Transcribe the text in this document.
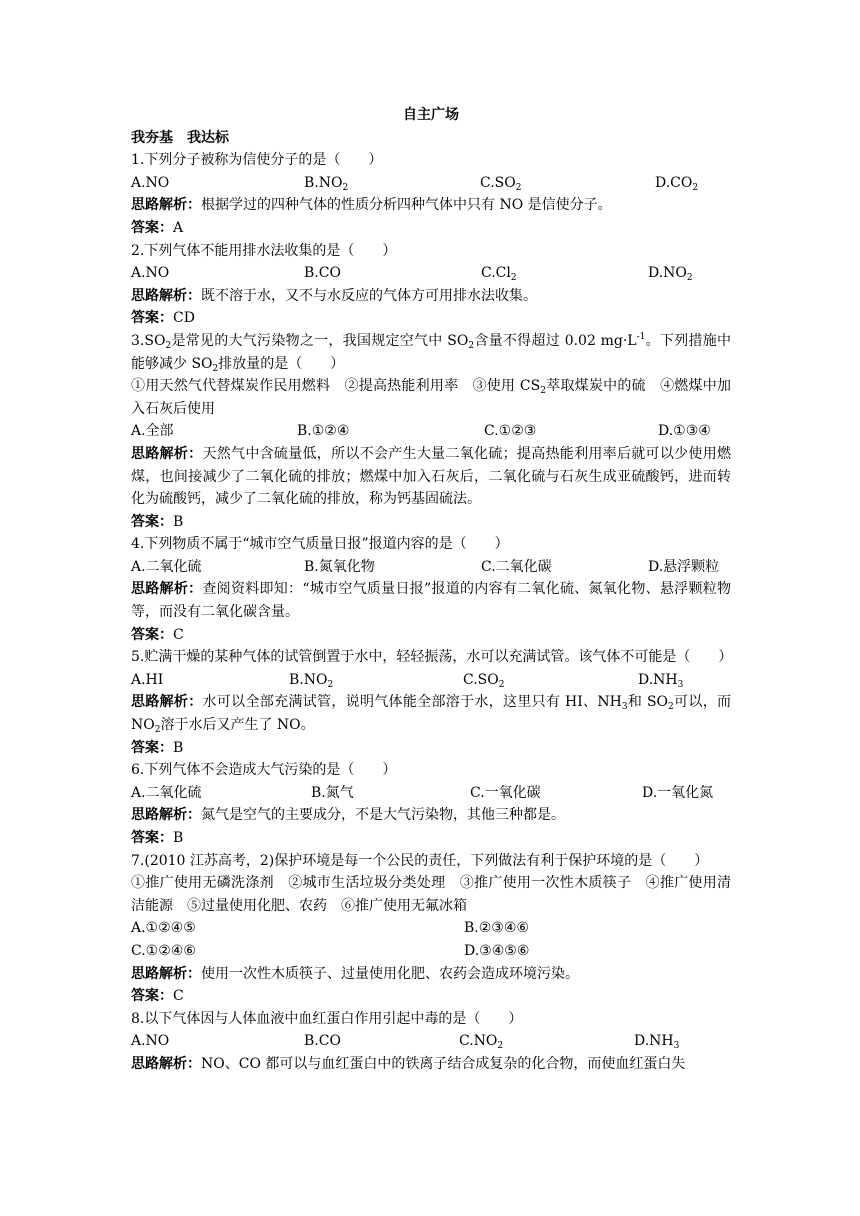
自主广场
我夯基　我达标
1.下列分子被称为信使分子的是（　　）
A.NO	$B.NO_2$	$C.SO_2$	$D.CO_2$
思路解析：根据学过的四种气体的性质分析四种气体中只有 NO 是信使分子。
答案：A
2.下列气体不能用排水法收集的是（　　）
A.NO	B.CO	$C.Cl_2$	$D.NO_2$
思路解析：既不溶于水，又不与水反应的气体方可用排水法收集。
答案：CD
$3.SO_2$是常见的大气污染物之一，我国规定空气中 $SO_2$含量不得超过 0.02 $mg\cdot L^{-1}$。下列措施中能够减少 $SO_2$排放量的是（　　）
①用天然气代替煤炭作民用燃料　②提高热能利用率　③使用 $CS_2$萃取煤炭中的硫　④燃煤中加入石灰后使用
A.全部	B.①②④	C.①②③	D.①③④
思路解析：天然气中含硫量低，所以不会产生大量二氧化硫；提高热能利用率后就可以少使用燃煤，也间接减少了二氧化硫的排放；燃煤中加入石灰后，二氧化硫与石灰生成亚硫酸钙，进而转化为硫酸钙，减少了二氧化硫的排放，称为钙基固硫法。
答案：B
4.下列物质不属于“城市空气质量日报”报道内容的是（　　）
A.二氧化硫	B.氮氧化物	C.二氧化碳	D.悬浮颗粒
思路解析：查阅资料即知：“城市空气质量日报”报道的内容有二氧化硫、氮氧化物、悬浮颗粒物等，而没有二氧化碳含量。
答案：C
5.贮满干燥的某种气体的试管倒置于水中，轻轻振荡，水可以充满试管。该气体不可能是（　　）
A.HI	$B.NO_2$	$C.SO_2$	$D.NH_3$
思路解析：水可以全部充满试管，说明气体能全部溶于水，这里只有 HI、$NH_3$和 $SO_2$可以，而 $NO_2$溶于水后又产生了 NO。
答案：B
6.下列气体不会造成大气污染的是（　　）
A.二氧化硫	B.氮气	C.一氧化碳	D.一氧化氮
思路解析：氮气是空气的主要成分，不是大气污染物，其他三种都是。
答案：B
7.(2010 江苏高考，2)保护环境是每一个公民的责任，下列做法有利于保护环境的是（　　）
①推广使用无磷洗涤剂　②城市生活垃圾分类处理　③推广使用一次性木质筷子　④推广使用清洁能源　⑤过量使用化肥、农药　⑥推广使用无氟冰箱
A.①②④⑤	B.②③④⑥
C.①②④⑥	D.③④⑤⑥
思路解析：使用一次性木质筷子、过量使用化肥、农药会造成环境污染。
答案：C
8.以下气体因与人体血液中血红蛋白作用引起中毒的是（　　）
A.NO	B.CO	$C.NO_2$	$D.NH_3$
思路解析：NO、CO 都可以与血红蛋白中的铁离子结合成复杂的化合物，而使血红蛋白失
